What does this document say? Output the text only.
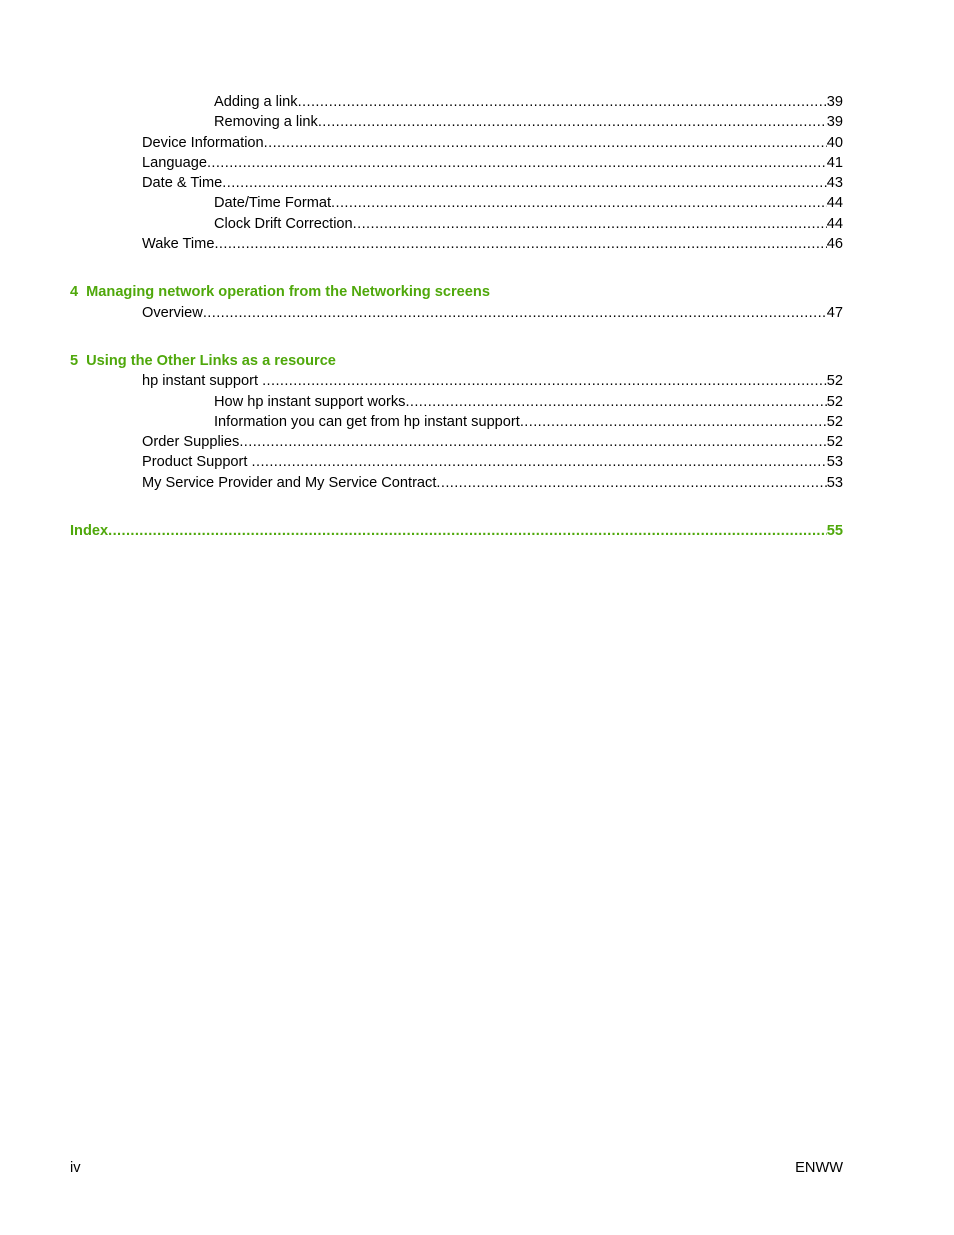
Adding a link .....	39
Removing a link .....	39
Device Information .....	40
Language .....	41
Date & Time .....	43
Date/Time Format .....	44
Clock Drift Correction .....	44
Wake Time .....	46
4 Managing network operation from the Networking screens
Overview .....	47
5 Using the Other Links as a resource
hp instant support .....	52
How hp instant support works .....	52
Information you can get from hp instant support .....	52
Order Supplies .....	52
Product Support .....	53
My Service Provider and My Service Contract .....	53
Index .....	55
iv	ENWW
